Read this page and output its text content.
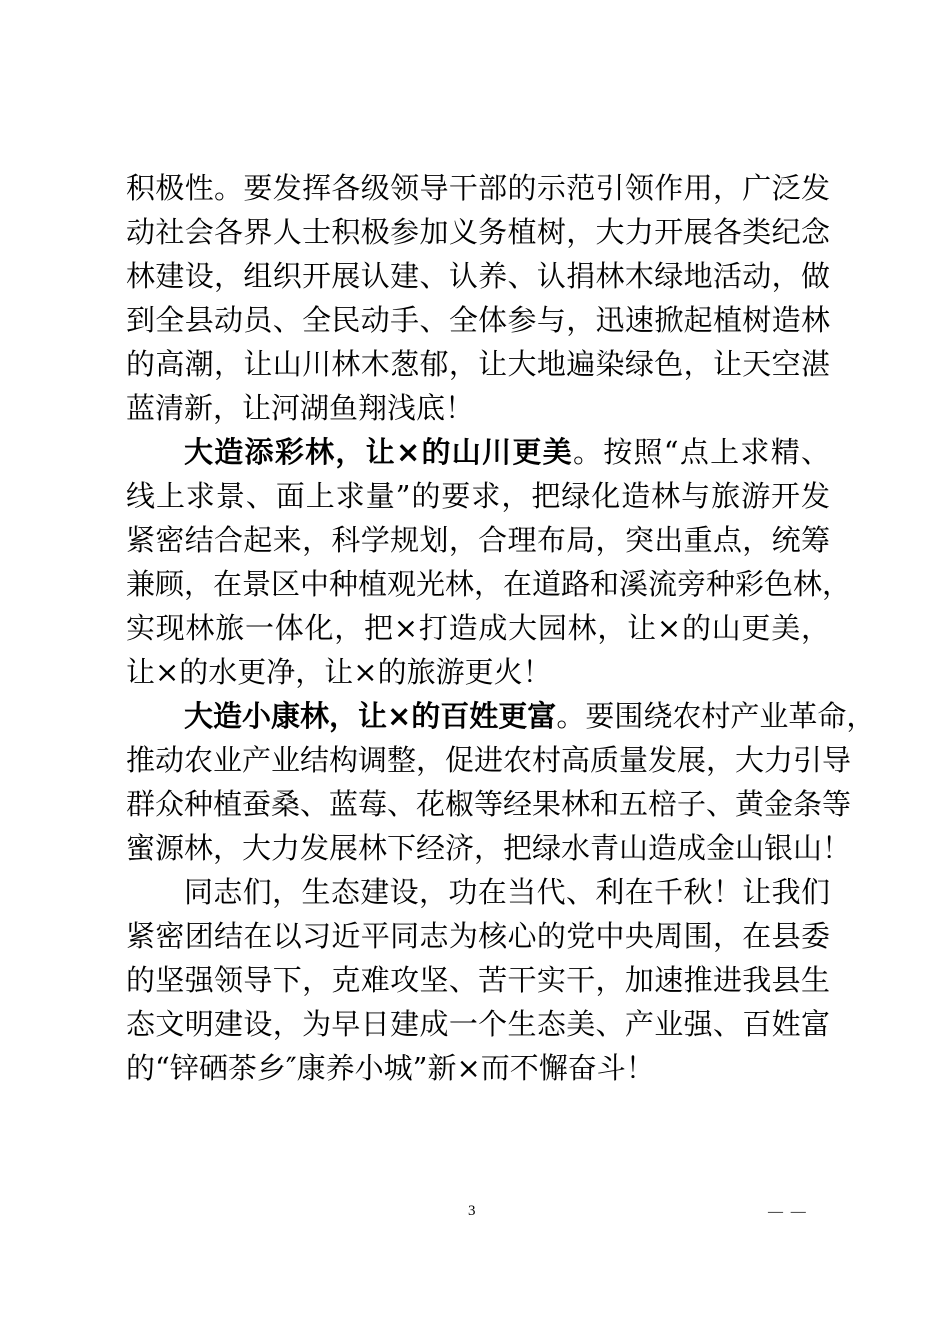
积极性。要发挥各级领导干部的示范引领作用，广泛发
动社会各界人士积极参加义务植树，大力开展各类纪念
林建设，组织开展认建、认养、认捐林木绿地活动，做
到全县动员、全民动手、全体参与，迅速掀起植树造林
的高潮，让山川林木葱郁，让大地遍染绿色，让天空湛
蓝清新，让河湖鱼翔浅底！
大造添彩林，让×的山川更美。按照“点上求精、
线上求景、面上求量”的要求，把绿化造林与旅游开发
紧密结合起来，科学规划，合理布局，突出重点，统筹
兼顾，在景区中种植观光林，在道路和溪流旁种彩色林，
实现林旅一体化，把×打造成大园林，让×的山更美，
让×的水更净，让×的旅游更火！
大造小康林，让×的百姓更富。要围绕农村产业革命，
推动农业产业结构调整，促进农村高质量发展，大力引导
群众种植蚕桑、蓝莓、花椒等经果林和五棓子、黄金条等
蜜源林，大力发展林下经济，把绿水青山造成金山银山！
同志们，生态建设，功在当代、利在千秋！让我们
紧密团结在以习近平同志为核心的党中央周围，在县委
的坚强领导下，克难攻坚、苦干实干，加速推进我县生
态文明建设，为早日建成一个生态美、产业强、百姓富
的“锌硒茶乡″康养小城”新×而不懈奋斗！
3	— —
